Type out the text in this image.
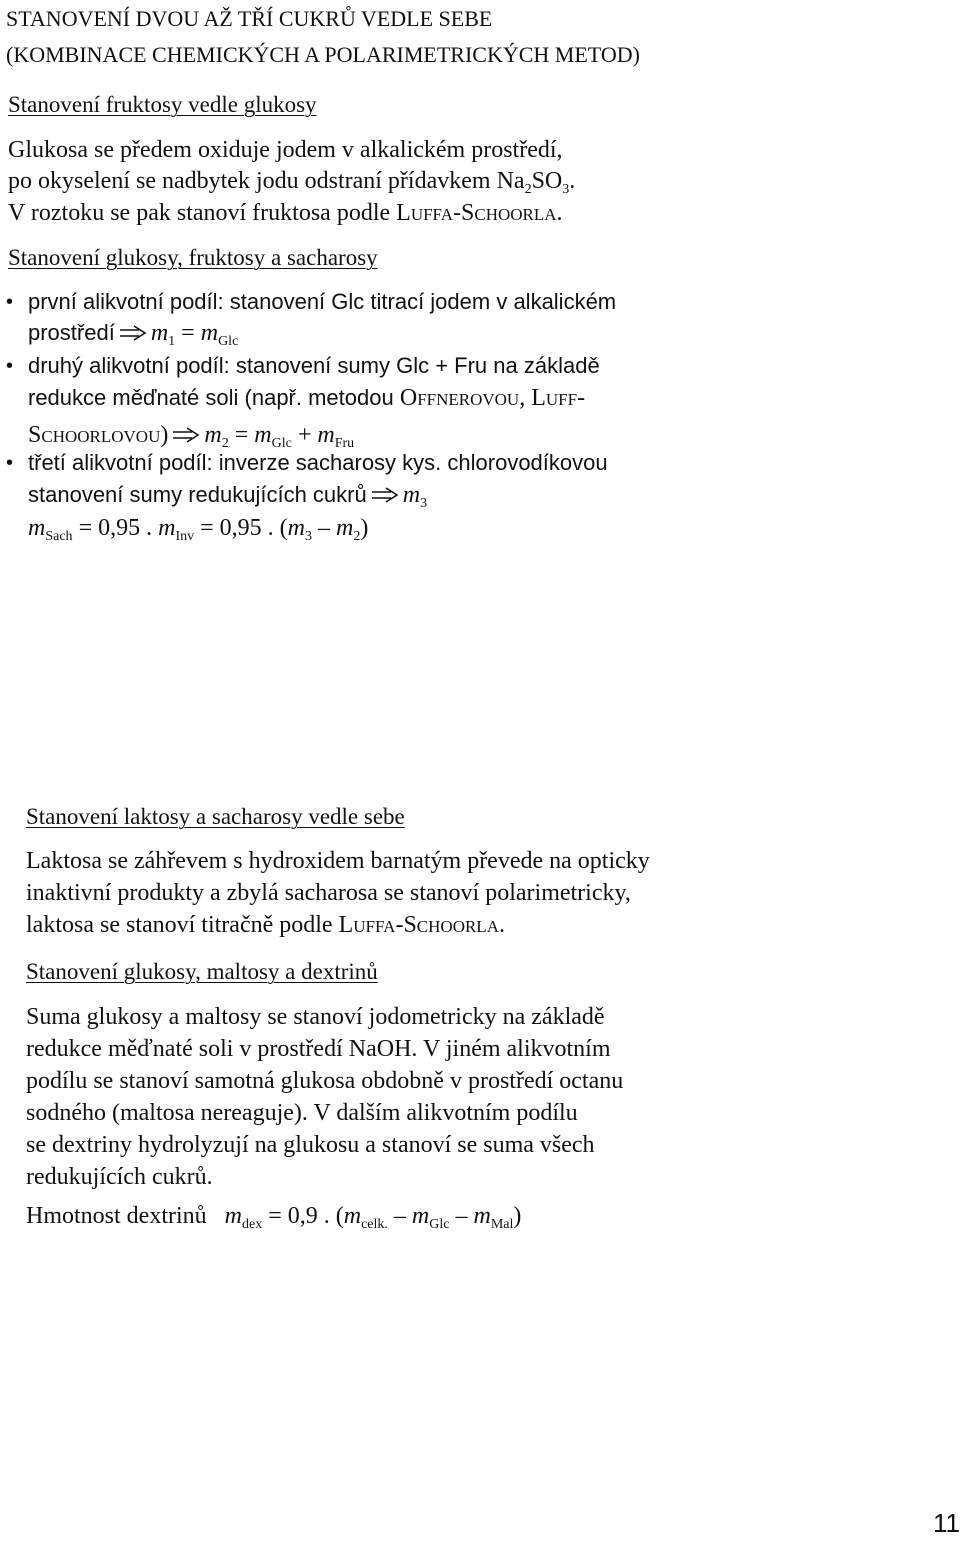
STANOVENÍ DVOU AŽ TŘÍ CUKRŮ VEDLE SEBE
(KOMBINACE CHEMICKÝCH A POLARIMETRICKÝCH METOD)
Stanovení fruktosy vedle glukosy
Glukosa se předem oxiduje jodem v alkalickém prostředí,
po okyselení se nadbytek jodu odstraní přídavkem $Na_2SO_3$.
V roztoku se pak stanoví fruktosa podle LUFFA-SCHOORLA.
Stanovení glukosy, fruktosy a sacharosy
• první alikvotní podíl: stanovení Glc titrací jodem v alkalickém
prostředí $m_1 = m_{Glc}$
• druhý alikvotní podíl: stanovení sumy Glc + Fru na základě
redukce měďnaté soli (např. metodou OFFNEROVOU, LUFF-
SCHOORLOVOU) $m_2 = m_{Glc} + m_{Fru}$
• třetí alikvotní podíl: inverze sacharosy kys. chlorovodíkovou
stanovení sumy redukujících cukrů $m_3$
$m_{Sach} = 0,95$ . $m_{Inv} = 0,95$ . $(m_3 - m_2)$
Stanovení laktosy a sacharosy vedle sebe
Laktosa se záhřevem s hydroxidem barnatým převede na opticky
inaktivní produkty a zbylá sacharosa se stanoví polarimetricky,
laktosa se stanoví titračně podle LUFFA-SCHOORLA.
Stanovení glukosy, maltosy a dextrinů
Suma glukosy a maltosy se stanoví jodometricky na základě
redukce měďnaté soli v prostředí NaOH. V jiném alikvotním
podílu se stanoví samotná glukosa obdobně v prostředí octanu
sodného (maltosa nereaguje). V dalším alikvotním podílu
se dextriny hydrolyzují na glukosu a stanoví se suma všech
redukujících cukrů.
Hmotnost dextrinů $m_{dex} = 0,9$ . $(m_{celk.} - m_{Glc} - m_{Mal})$
11
